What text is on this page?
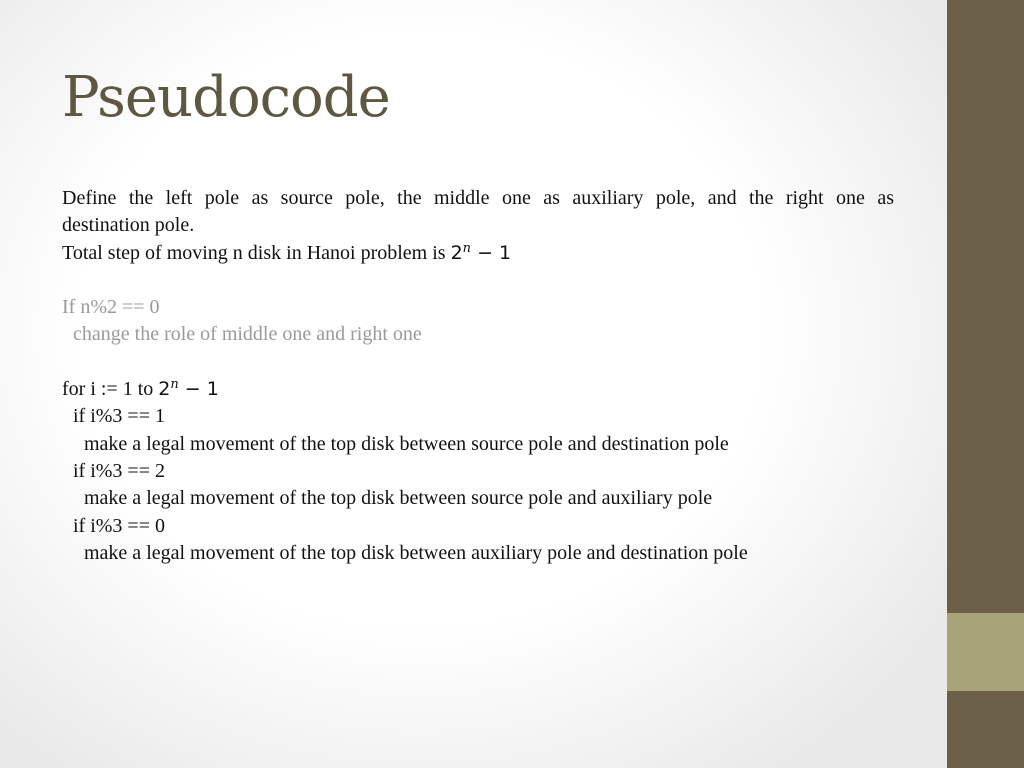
Pseudocode
Define the left pole as source pole, the middle one as auxiliary pole, and the right one as
destination pole.
Total step of moving n disk in Hanoi problem is $2^n - 1$
If n%2 == 0
change the role of middle one and right one
for i := 1 to $2^n - 1$
if i%3 == 1
make a legal movement of the top disk between source pole and destination pole
if i%3 == 2
make a legal movement of the top disk between source pole and auxiliary pole
if i%3 == 0
make a legal movement of the top disk between auxiliary pole and destination pole
